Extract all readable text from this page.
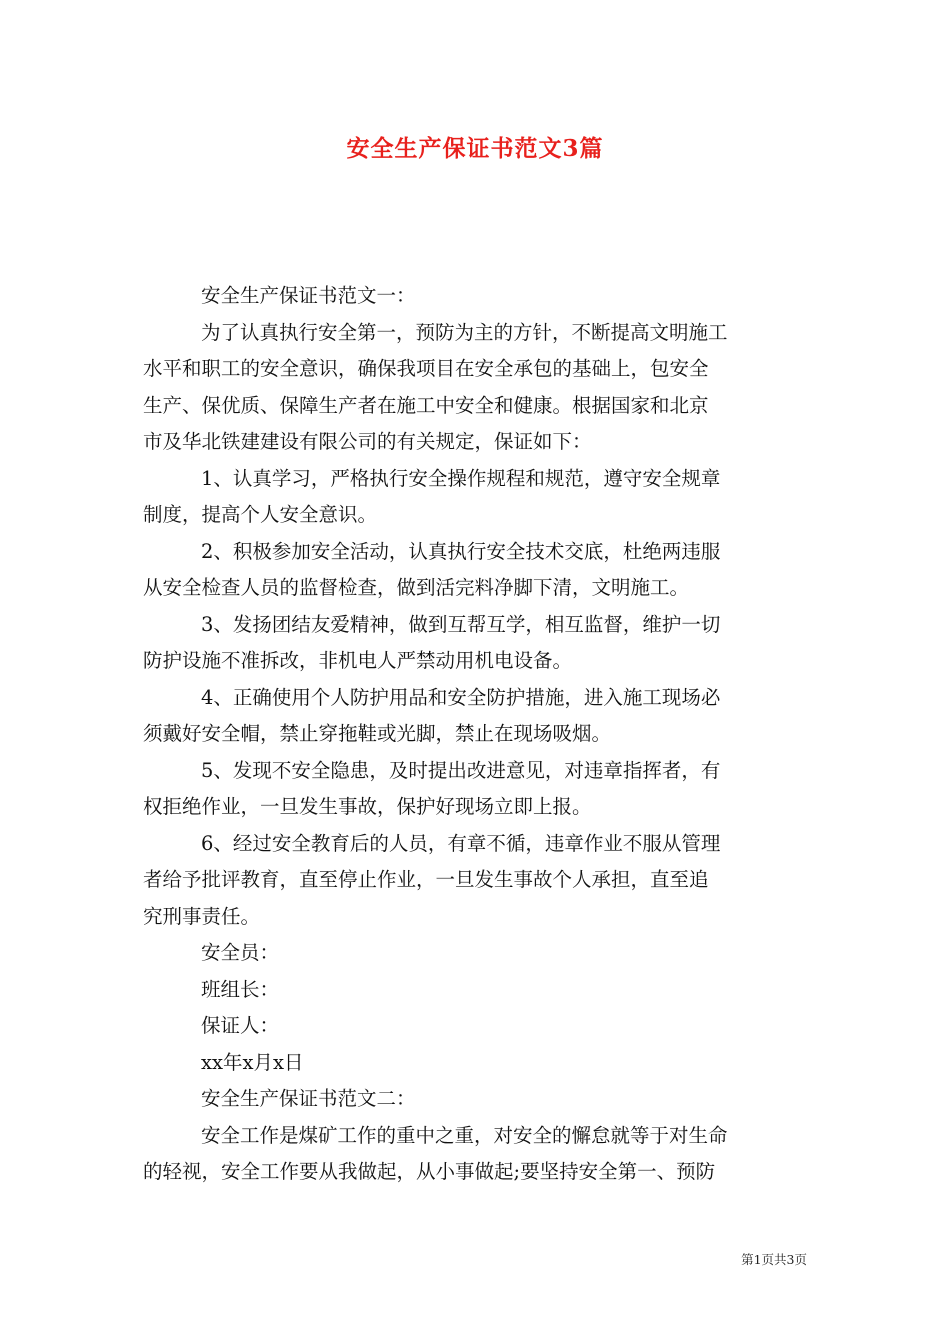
安全生产保证书范文3篇
安全生产保证书范文一：
为了认真执行安全第一，预防为主的方针，不断提高文明施工
水平和职工的安全意识，确保我项目在安全承包的基础上，包安全
生产、保优质、保障生产者在施工中安全和健康。根据国家和北京
市及华北铁建建设有限公司的有关规定，保证如下：
1、认真学习，严格执行安全操作规程和规范，遵守安全规章
制度，提高个人安全意识。
2、积极参加安全活动，认真执行安全技术交底，杜绝两违服
从安全检查人员的监督检查，做到活完料净脚下清，文明施工。
3、发扬团结友爱精神，做到互帮互学，相互监督，维护一切
防护设施不准拆改，非机电人严禁动用机电设备。
4、正确使用个人防护用品和安全防护措施，进入施工现场必
须戴好安全帽，禁止穿拖鞋或光脚，禁止在现场吸烟。
5、发现不安全隐患，及时提出改进意见，对违章指挥者，有
权拒绝作业，一旦发生事故，保护好现场立即上报。
6、经过安全教育后的人员，有章不循，违章作业不服从管理
者给予批评教育，直至停止作业，一旦发生事故个人承担，直至追
究刑事责任。
安全员：
班组长：
保证人：
xx年x月x日
安全生产保证书范文二：
安全工作是煤矿工作的重中之重，对安全的懈怠就等于对生命
的轻视，安全工作要从我做起，从小事做起;要坚持安全第一、预防
第1页共3页
